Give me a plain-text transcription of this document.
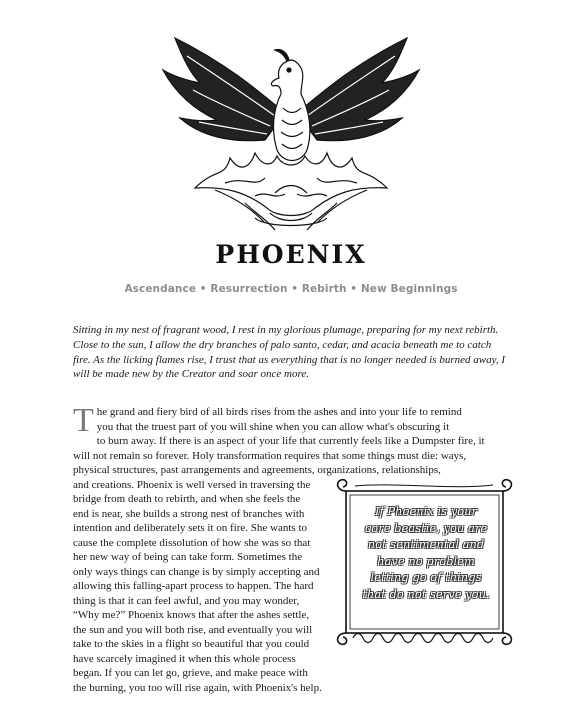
PHOENIX
Ascendance • Resurrection • Rebirth • New Beginnings

Sitting in my nest of fragrant wood, I rest in my glorious plumage, preparing for my next rebirth. Close to the sun, I allow the dry branches of palo santo, cedar, and acacia beneath me to catch fire. As the licking flames rise, I trust that as everything that is no longer needed is burned away, I will be made new by the Creator and soar once more.

T he grand and fiery bird of all birds rises from the ashes and into your life to remind
you that the truest part of you will shine when you can allow what's obscuring it
to burn away. If there is an aspect of your life that currently feels like a Dumpster fire, it
will not remain so forever. Holy transformation requires that some things must die: ways,
physical structures, past arrangements and agreements, organizations, relationships,
and creations. Phoenix is well versed in traversing the
bridge from death to rebirth, and when she feels the
end is near, she builds a strong nest of branches with
intention and deliberately sets it on fire. She wants to
cause the complete dissolution of how she was so that
her new way of being can take form. Sometimes the
only ways things can change is by simply accepting and
allowing this falling-apart process to happen. The hard
thing is that it can feel awful, and you may wonder,
“Why me?” Phoenix knows that after the ashes settle,
the sun and you will both rise, and eventually you will
take to the skies in a flight so beautiful that you could
have scarcely imagined it when this whole process
began. If you can let go, grieve, and make peace with
the burning, you too will rise again, with Phoenix's help.

If Phoenix is your
core beastie, you are
not sentimental and
have no problem
letting go of things
that do not serve you.
